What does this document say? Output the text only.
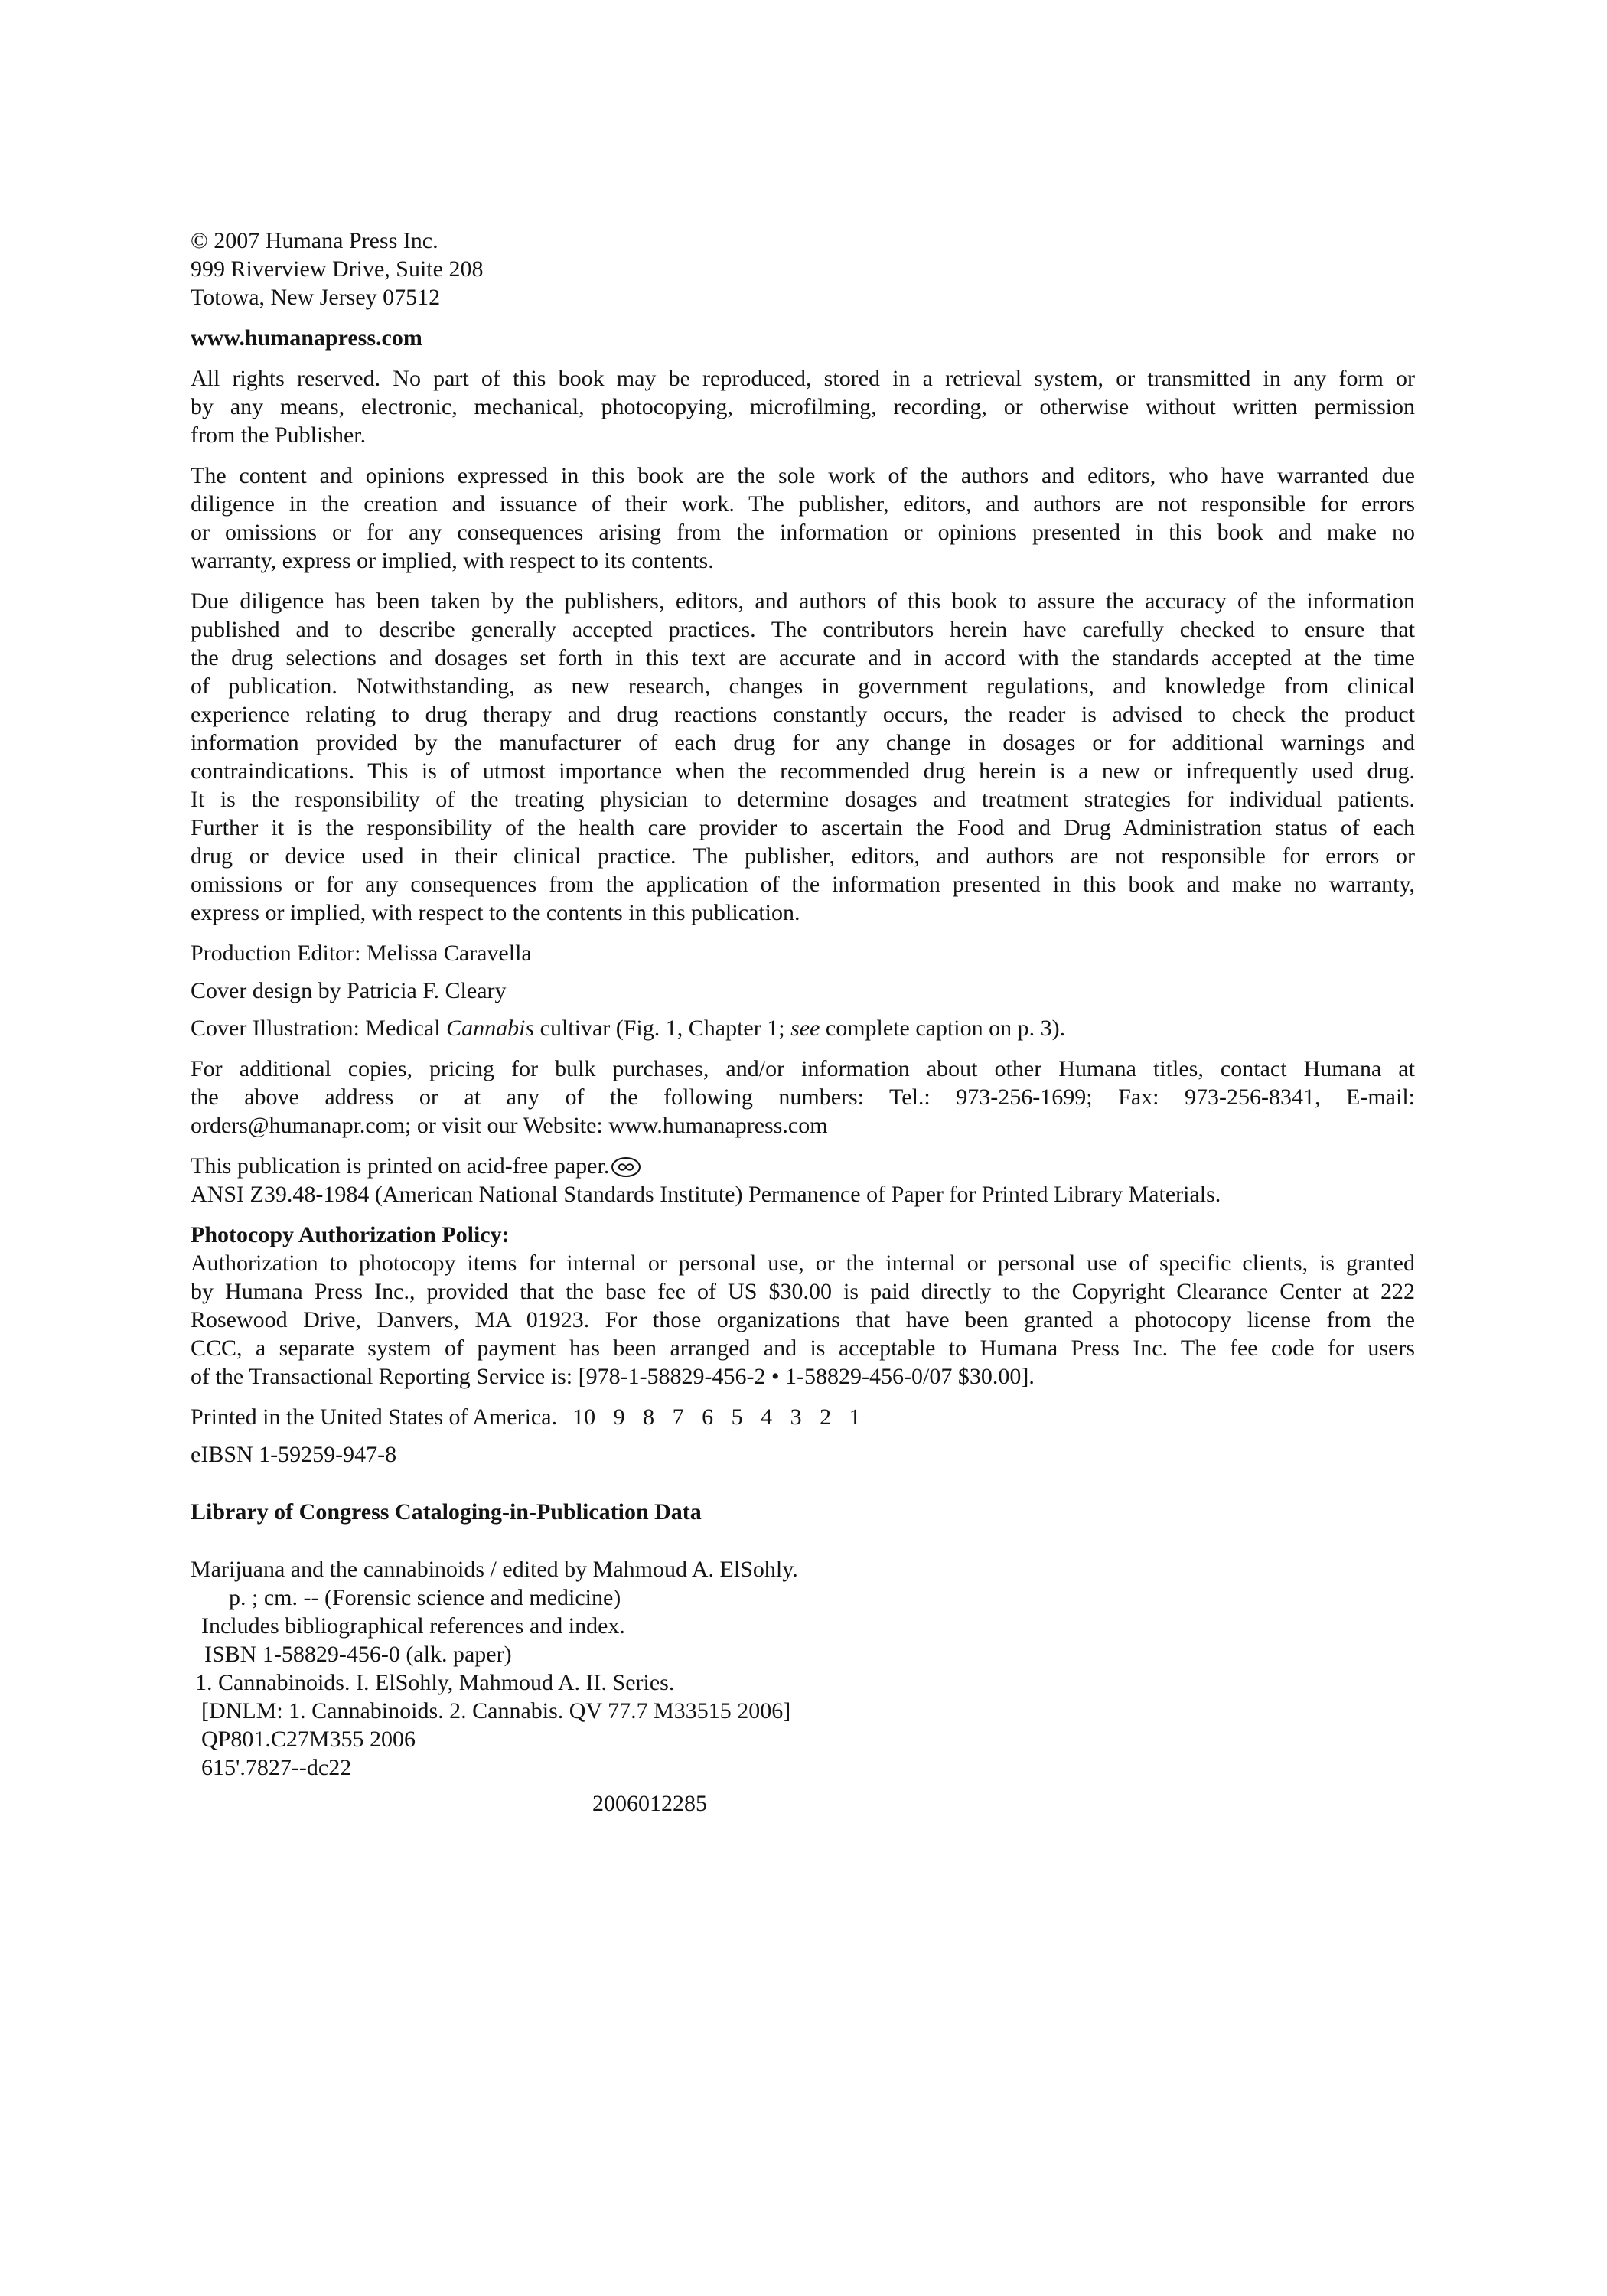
© 2007 Humana Press Inc.
999 Riverview Drive, Suite 208
Totowa, New Jersey 07512
www.humanapress.com
All rights reserved. No part of this book may be reproduced, stored in a retrieval system, or transmitted in any form or
by any means, electronic, mechanical, photocopying, microfilming, recording, or otherwise without written permission
from the Publisher.
The content and opinions expressed in this book are the sole work of the authors and editors, who have warranted due
diligence in the creation and issuance of their work. The publisher, editors, and authors are not responsible for errors
or omissions or for any consequences arising from the information or opinions presented in this book and make no
warranty, express or implied, with respect to its contents.
Due diligence has been taken by the publishers, editors, and authors of this book to assure the accuracy of the information
published and to describe generally accepted practices. The contributors herein have carefully checked to ensure that
the drug selections and dosages set forth in this text are accurate and in accord with the standards accepted at the time
of publication. Notwithstanding, as new research, changes in government regulations, and knowledge from clinical
experience relating to drug therapy and drug reactions constantly occurs, the reader is advised to check the product
information provided by the manufacturer of each drug for any change in dosages or for additional warnings and
contraindications. This is of utmost importance when the recommended drug herein is a new or infrequently used drug.
It is the responsibility of the treating physician to determine dosages and treatment strategies for individual patients.
Further it is the responsibility of the health care provider to ascertain the Food and Drug Administration status of each
drug or device used in their clinical practice. The publisher, editors, and authors are not responsible for errors or
omissions or for any consequences from the application of the information presented in this book and make no warranty,
express or implied, with respect to the contents in this publication.
Production Editor: Melissa Caravella
Cover design by Patricia F. Cleary
Cover Illustration: Medical Cannabis cultivar (Fig. 1, Chapter 1; see complete caption on p. 3).
For additional copies, pricing for bulk purchases, and/or information about other Humana titles, contact Humana at
the above address or at any of the following numbers: Tel.: 973-256-1699; Fax: 973-256-8341, E-mail:
orders@humanapr.com; or visit our Website: www.humanapress.com
This publication is printed on acid-free paper.
ANSI Z39.48-1984 (American National Standards Institute) Permanence of Paper for Printed Library Materials.
Photocopy Authorization Policy:
Authorization to photocopy items for internal or personal use, or the internal or personal use of specific clients, is granted
by Humana Press Inc., provided that the base fee of US $30.00 is paid directly to the Copyright Clearance Center at 222
Rosewood Drive, Danvers, MA 01923. For those organizations that have been granted a photocopy license from the
CCC, a separate system of payment has been arranged and is acceptable to Humana Press Inc. The fee code for users
of the Transactional Reporting Service is: [978-1-58829-456-2 • 1-58829-456-0/07 $30.00].
Printed in the United States of America. 10 9 8 7 6 5 4 3 2 1
eIBSN 1-59259-947-8
Library of Congress Cataloging-in-Publication Data
Marijuana and the cannabinoids / edited by Mahmoud A. ElSohly.
p. ; cm. -- (Forensic science and medicine)
Includes bibliographical references and index.
ISBN 1-58829-456-0 (alk. paper)
1. Cannabinoids. I. ElSohly, Mahmoud A. II. Series.
[DNLM: 1. Cannabinoids. 2. Cannabis. QV 77.7 M33515 2006]
QP801.C27M355 2006
615'.7827--dc22
2006012285
